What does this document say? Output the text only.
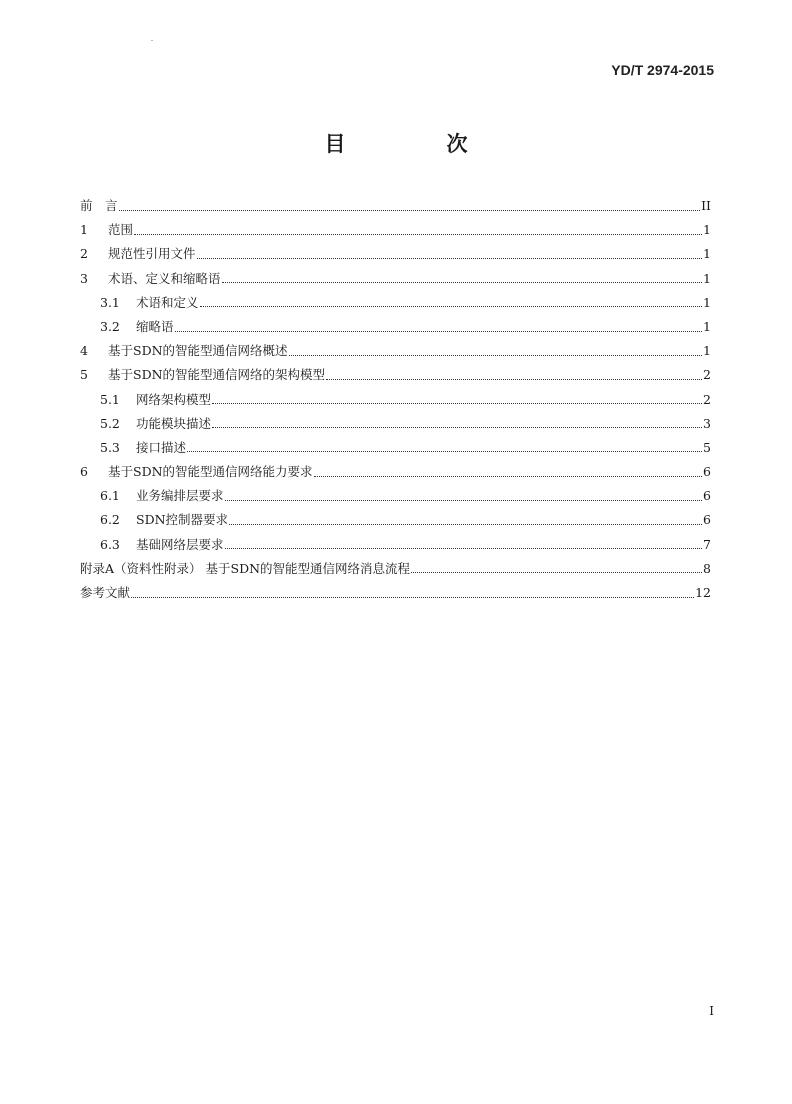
YD/T 2974-2015
目　次
前　言	II
1	范围	1
2	规范性引用文件	1
3	术语、定义和缩略语	1
3.1	术语和定义	1
3.2	缩略语	1
4	基于SDN的智能型通信网络概述	1
5	基于SDN的智能型通信网络的架构模型	2
5.1	网络架构模型	2
5.2	功能模块描述	3
5.3	接口描述	5
6	基于SDN的智能型通信网络能力要求	6
6.1	业务编排层要求	6
6.2	SDN控制器要求	6
6.3	基础网络层要求	7
附录A（资料性附录） 基于SDN的智能型通信网络消息流程	8
参考文献	12
I
